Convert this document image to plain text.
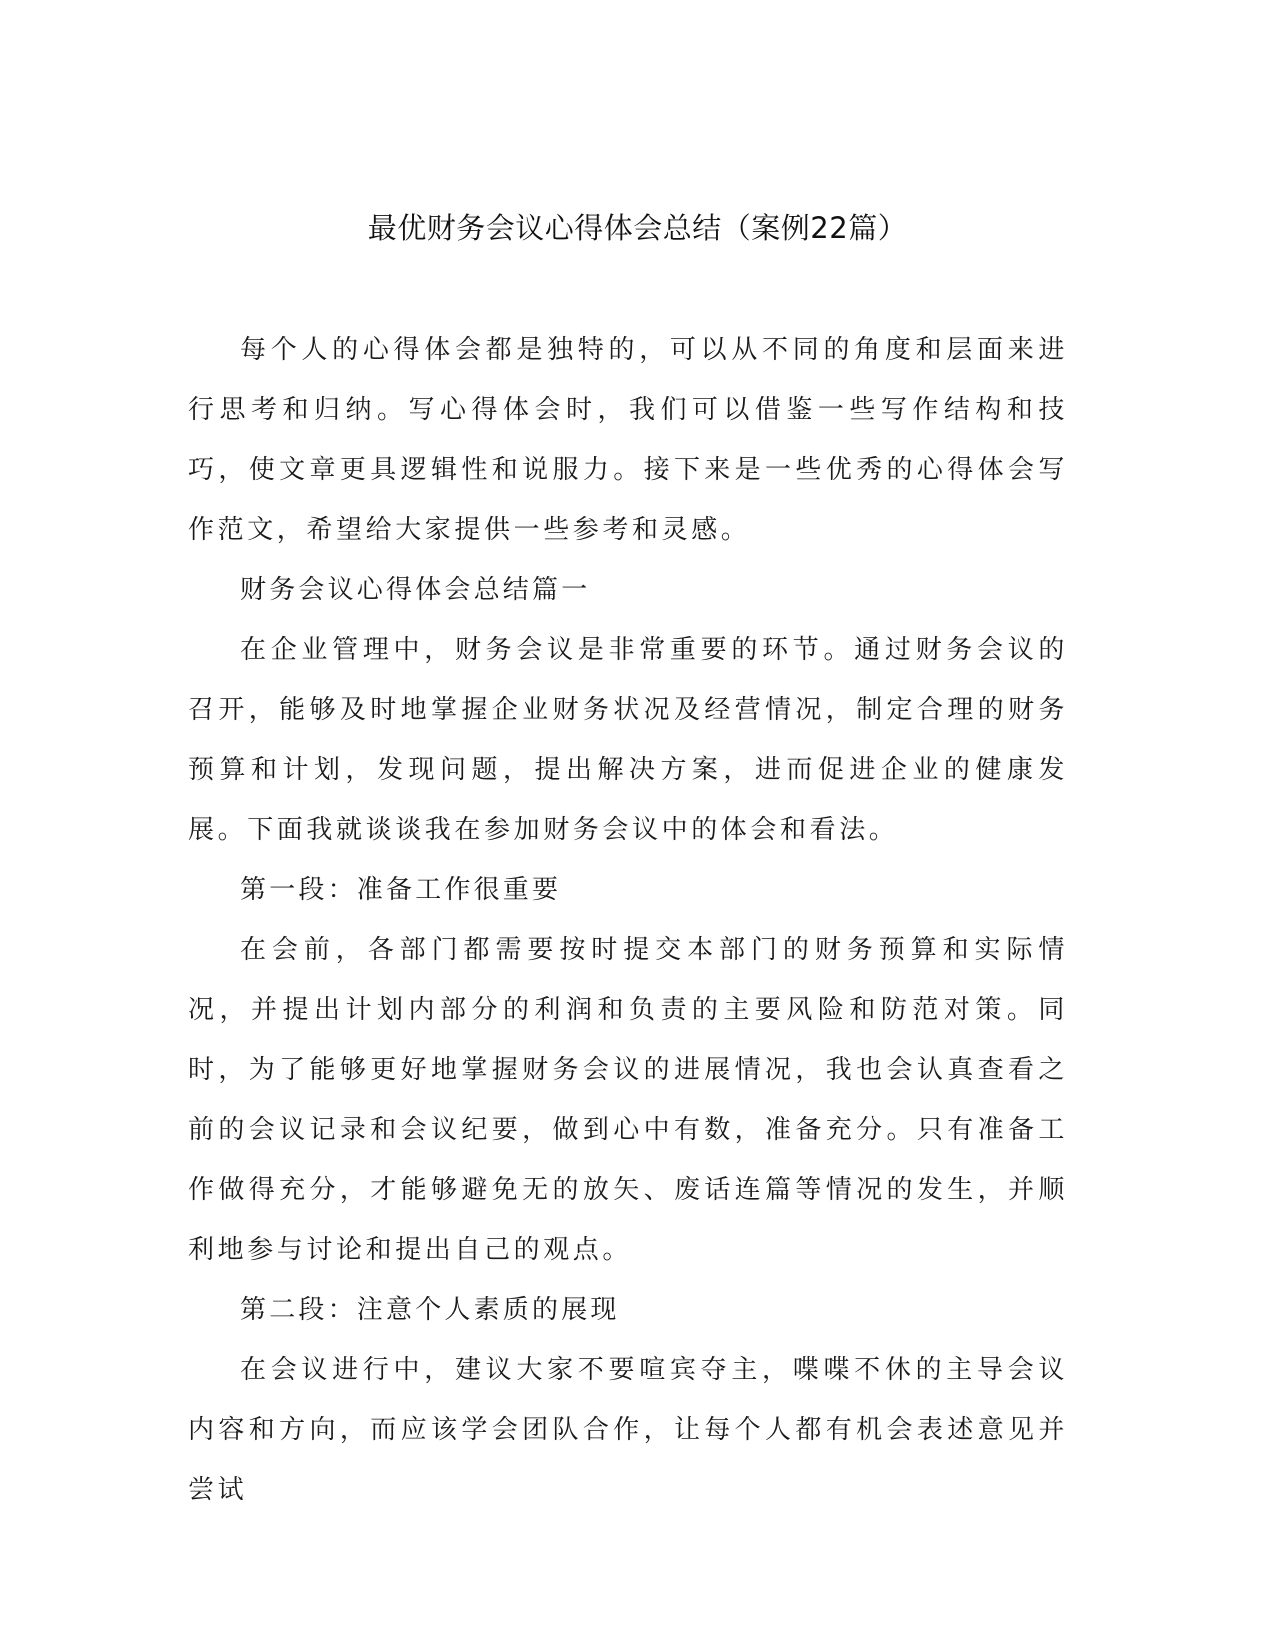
最优财务会议心得体会总结（案例22篇）

每个人的心得体会都是独特的，可以从不同的角度和层面来进行思考和归纳。写心得体会时，我们可以借鉴一些写作结构和技巧，使文章更具逻辑性和说服力。接下来是一些优秀的心得体会写作范文，希望给大家提供一些参考和灵感。

财务会议心得体会总结篇一

在企业管理中，财务会议是非常重要的环节。通过财务会议的召开，能够及时地掌握企业财务状况及经营情况，制定合理的财务预算和计划，发现问题，提出解决方案，进而促进企业的健康发展。下面我就谈谈我在参加财务会议中的体会和看法。

第一段：准备工作很重要

在会前，各部门都需要按时提交本部门的财务预算和实际情况，并提出计划内部分的利润和负责的主要风险和防范对策。同时，为了能够更好地掌握财务会议的进展情况，我也会认真查看之前的会议记录和会议纪要，做到心中有数，准备充分。只有准备工作做得充分，才能够避免无的放矢、废话连篇等情况的发生，并顺利地参与讨论和提出自己的观点。

第二段：注意个人素质的展现

在会议进行中，建议大家不要喧宾夺主，喋喋不休的主导会议内容和方向，而应该学会团队合作，让每个人都有机会表述意见并尝试
